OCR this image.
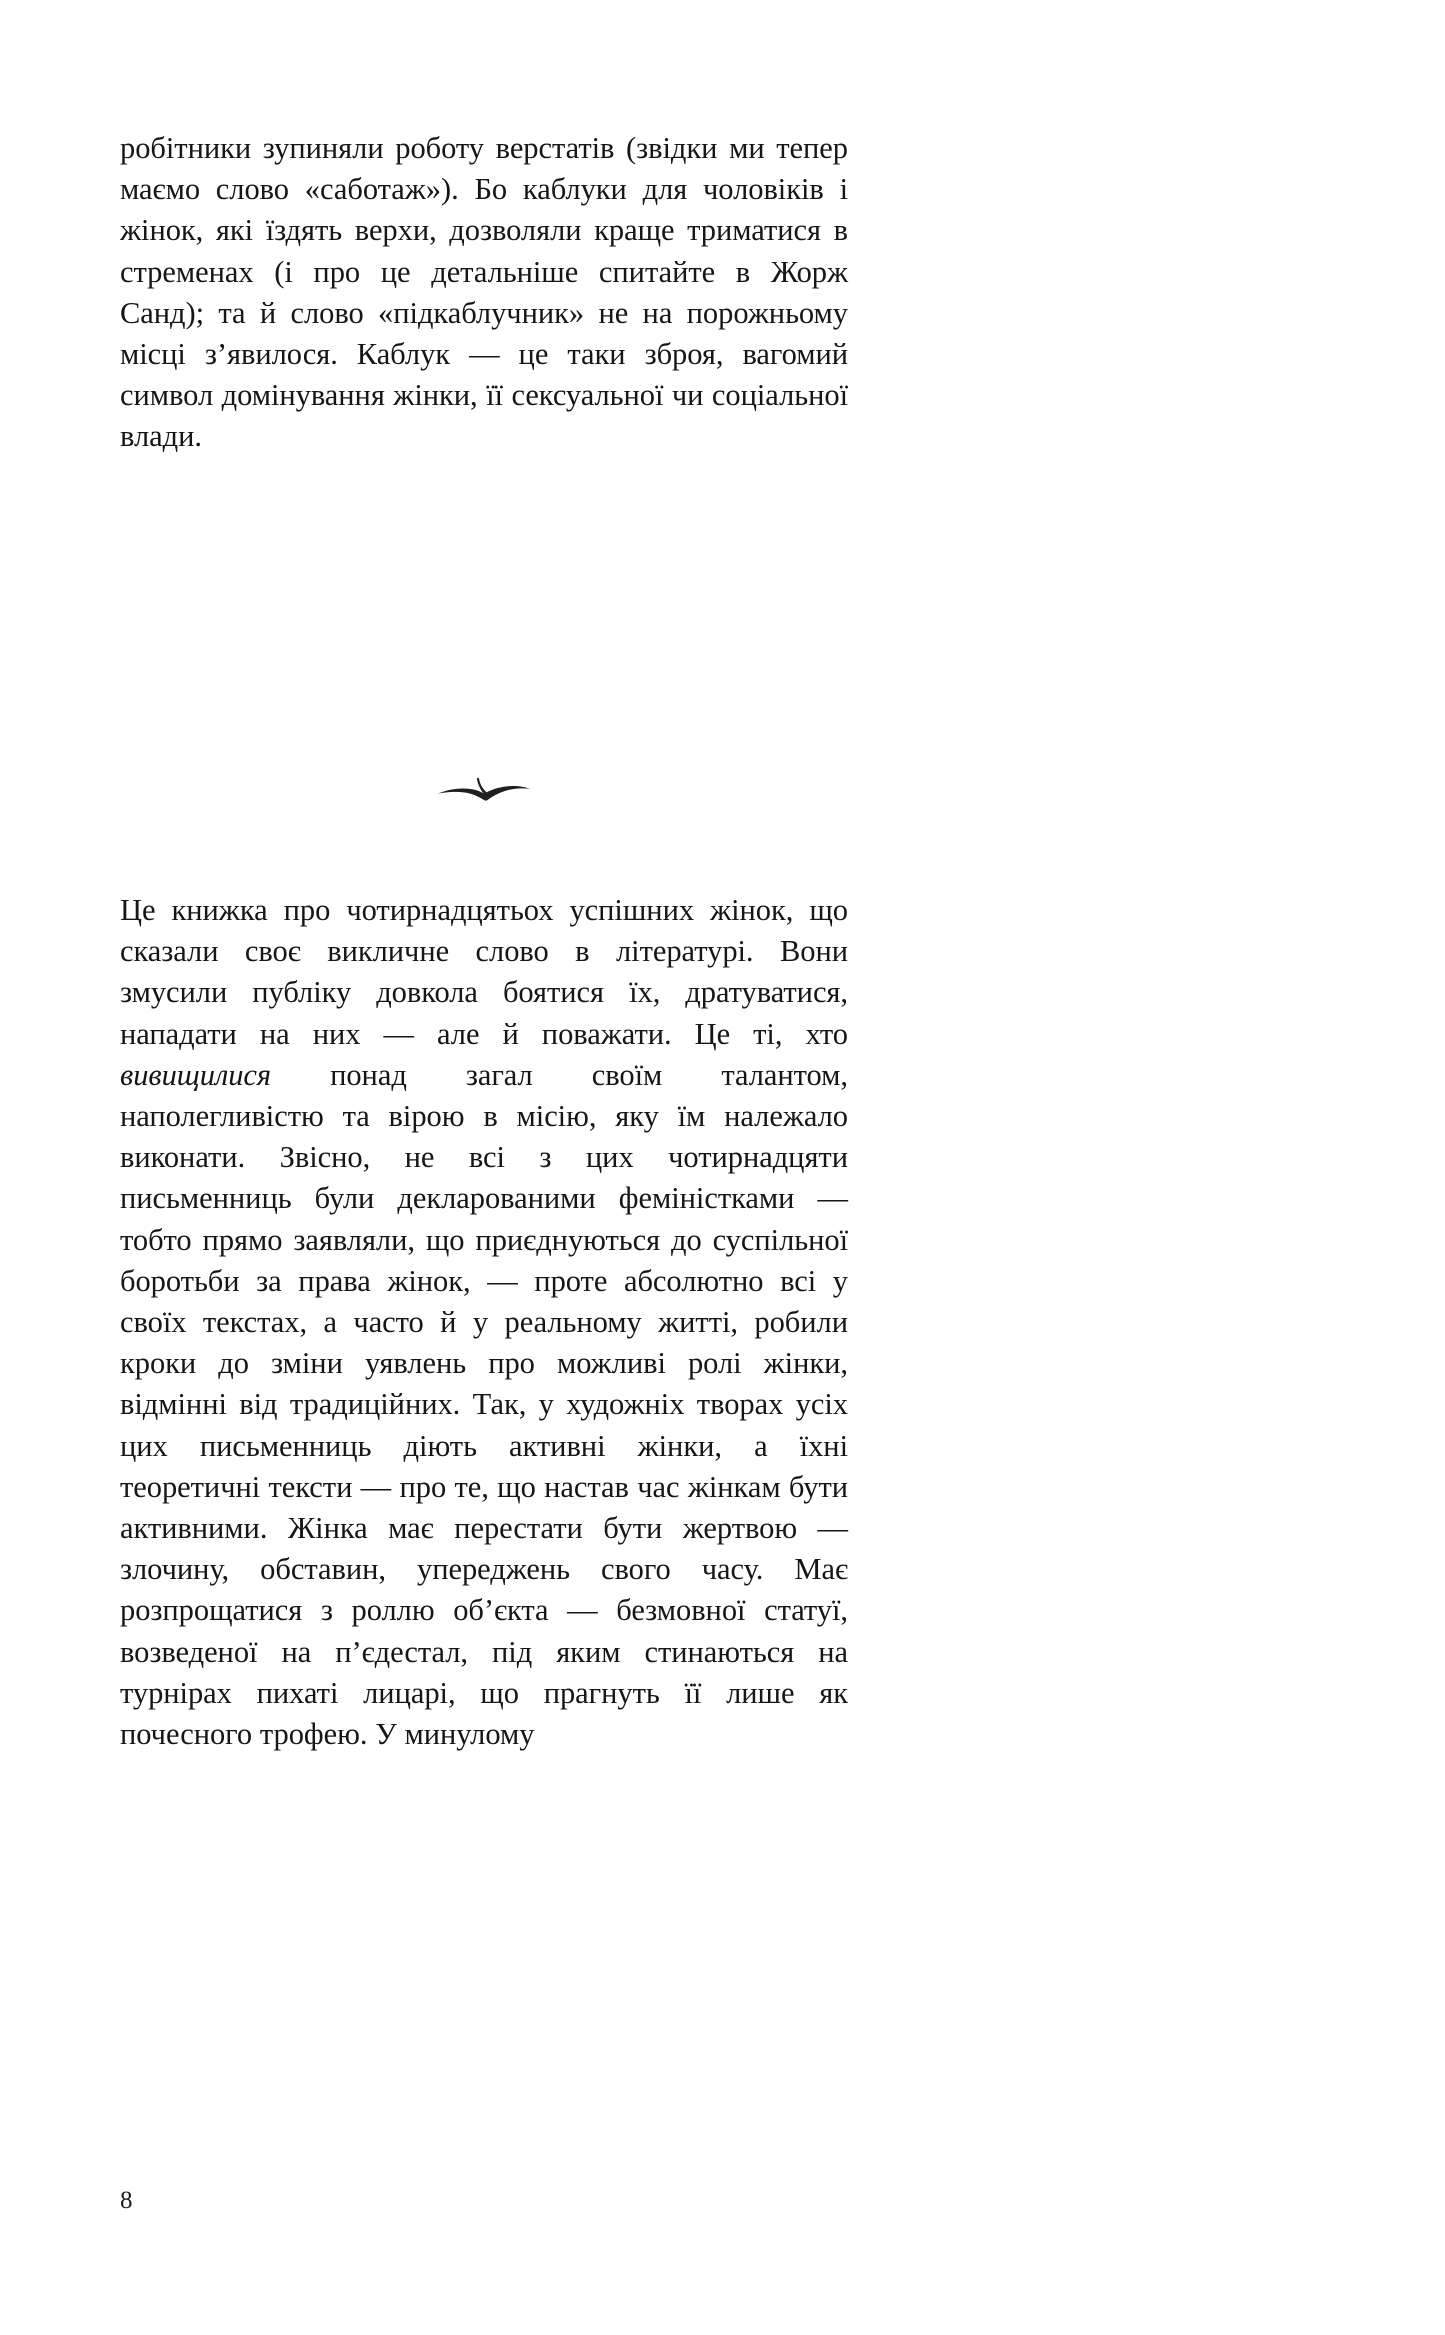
робітники зупиняли роботу верстатів (звідки ми тепер маємо слово «саботаж»). Бо каблуки для чоловіків і жінок, які їздять верхи, дозволяли краще триматися в стременах (і про це детальніше спитайте в Жорж Санд); та й слово «підкаблучник» не на порожньому місці з’явилося. Каблук — це таки зброя, вагомий символ домінування жінки, її сексуальної чи соціальної влади.

Це книжка про чотирнадцятьох успішних жінок, що сказали своє викличне слово в літературі. Вони змусили публіку довкола боятися їх, дратуватися, нападати на них — але й поважати. Це ті, хто вивищилися понад загал своїм талантом, наполегливістю та вірою в місію, яку їм належало виконати. Звісно, не всі з цих чотирнадцяти письменниць були декларованими феміністками — тобто прямо заявляли, що приєднуються до суспільної боротьби за права жінок, — проте абсолютно всі у своїх текстах, а часто й у реальному житті, робили кроки до зміни уявлень про можливі ролі жінки, відмінні від традиційних. Так, у художніх творах усіх цих письменниць діють активні жінки, а їхні теоретичні тексти — про те, що настав час жінкам бути активними. Жінка має перестати бути жертвою — злочину, обставин, упереджень свого часу. Має розпрощатися з роллю об’єкта — безмовної статуї, возведеної на п’єдестал, під яким стинаються на турнірах пихаті лицарі, що прагнуть її лише як почесного трофею. У минулому

8
